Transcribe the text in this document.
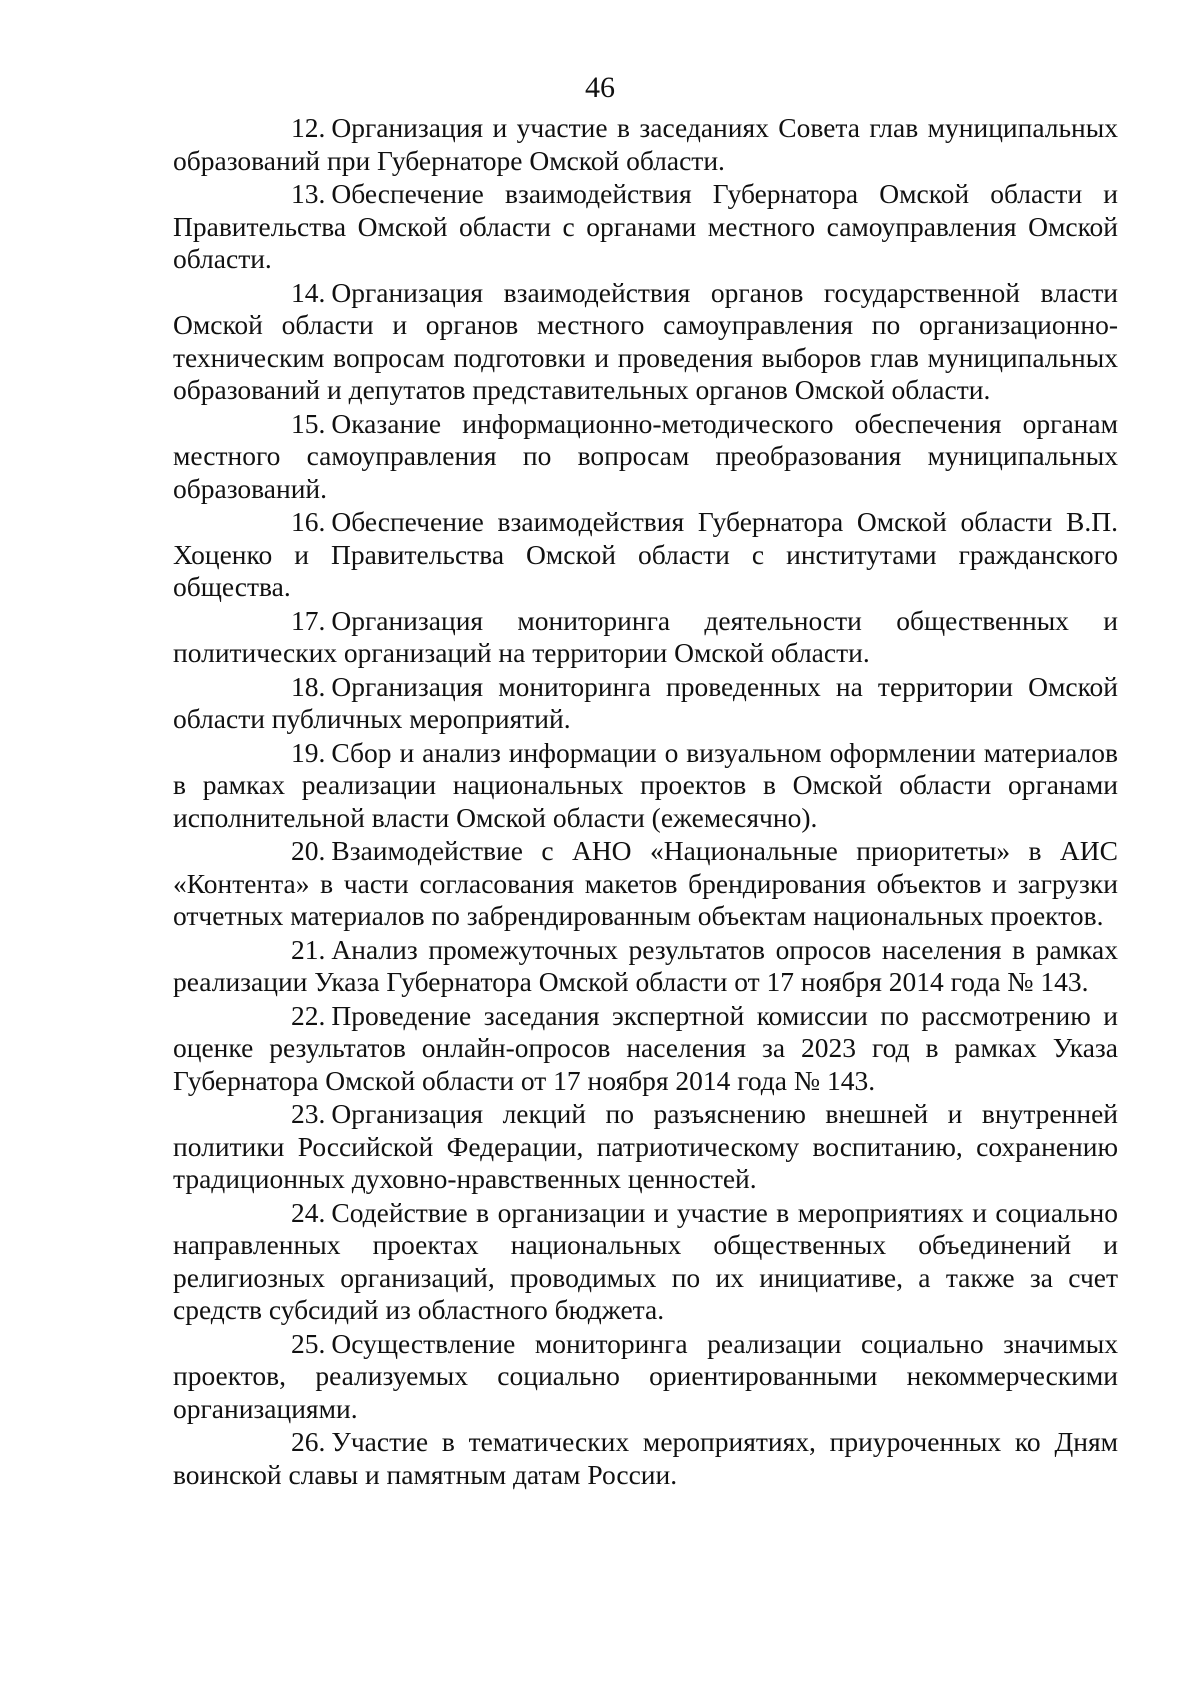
46

12. Организация и участие в заседаниях Совета глав муниципальных образований при Губернаторе Омской области.

13. Обеспечение взаимодействия Губернатора Омской области и Правительства Омской области с органами местного самоуправления Омской области.

14. Организация взаимодействия органов государственной власти Омской области и органов местного самоуправления по организационно-техническим вопросам подготовки и проведения выборов глав муниципальных образований и депутатов представительных органов Омской области.

15. Оказание информационно-методического обеспечения органам местного самоуправления по вопросам преобразования муниципальных образований.

16. Обеспечение взаимодействия Губернатора Омской области В.П. Хоценко и Правительства Омской области с институтами гражданского общества.

17. Организация мониторинга деятельности общественных и политических организаций на территории Омской области.

18. Организация мониторинга проведенных на территории Омской области публичных мероприятий.

19. Сбор и анализ информации о визуальном оформлении материалов в рамках реализации национальных проектов в Омской области органами исполнительной власти Омской области (ежемесячно).

20. Взаимодействие с АНО «Национальные приоритеты» в АИС «Контента» в части согласования макетов брендирования объектов и загрузки отчетных материалов по забрендированным объектам национальных проектов.

21. Анализ промежуточных результатов опросов населения в рамках реализации Указа Губернатора Омской области от 17 ноября 2014 года № 143.

22. Проведение заседания экспертной комиссии по рассмотрению и оценке результатов онлайн-опросов населения за 2023 год в рамках Указа Губернатора Омской области от 17 ноября 2014 года № 143.

23. Организация лекций по разъяснению внешней и внутренней политики Российской Федерации, патриотическому воспитанию, сохранению традиционных духовно-нравственных ценностей.

24. Содействие в организации и участие в мероприятиях и социально направленных проектах национальных общественных объединений и религиозных организаций, проводимых по их инициативе, а также за счет средств субсидий из областного бюджета.

25. Осуществление мониторинга реализации социально значимых проектов, реализуемых социально ориентированными некоммерческими организациями.

26. Участие в тематических мероприятиях, приуроченных ко Дням воинской славы и памятным датам России.
